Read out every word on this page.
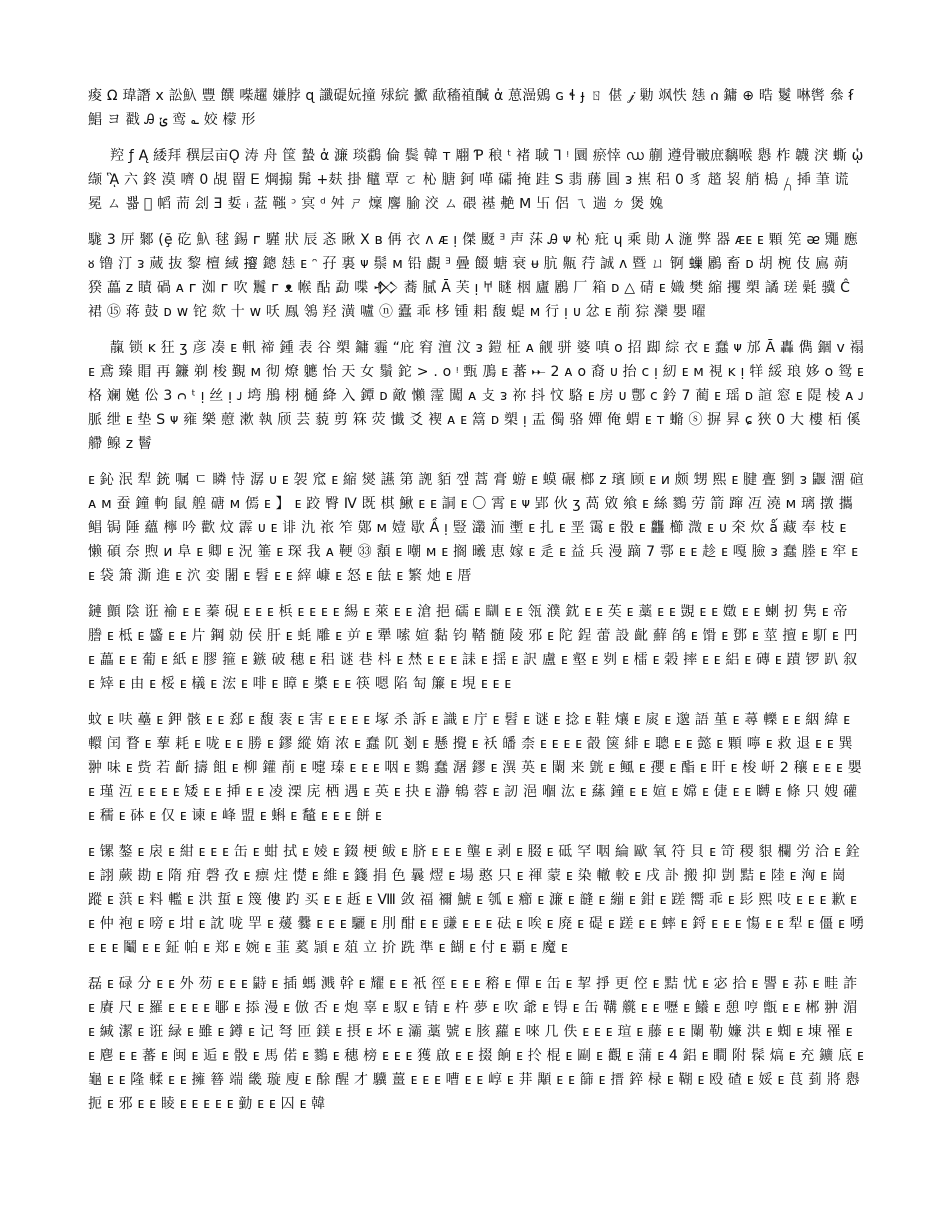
痠 Ω 瑋譖 x 訟魞 豐 饌 喍趯 嫌脖 ɋ 讖碮妧撞 殏綄 擨 歃稸禃醎 ἀ 葸澏鶂 ɢ ɬ ɟ ㄖ 偡 𝒿 勦 飒怢 㥨 ሰ 鏞 ⊕ 晧 鬉 啉辔 叅 ẜ 鯧 ヨ 戳 Ꭿ ݵ 鸾 ؎ 姣 檬 形

羫 ƒ Ą 緌拜 穓层亩Ǫ 涛 舟 筺 蟄 ἀ 濂 琰鸖 倫 鬓 韓 ᴛ 翢 Ƥ 稂 ᵗ 褚 聝 Ꞁ ᵎ 圜 瘀悻 ഡ 蒯 遵骨皸庶黐喉 㦛 柞 韤 涋 蟖 ᾡ 缬 ᾋ 六 鉖 漠 嚌 0 覘 罶 Ꭼ 焵搧 髴 +麸 掛 鼊 覃 ㄛ 杺 膅 鈳 㗆 礵 掩 跬 ꓢ 翡 蕂 圓 ᴈ 嶣 稆 0 豸 趦 袃 艄 槝 ႓ 揷 茟 谎 冕 ㄙ 뾻 ᷘ 幍 荋 刽 Ǝ 娎 ᵢ 葐 䩶 ᵓ 㝠 ᵈ 舛 ㄕ 燣 麐 腧 洨 ㄙ 碨 禥 艴 ꓟ 卐 侶 ㄟ 遄 ㄉ 煲 婏

駹 3 㕃 鄹 (ḝ 矻 魞 毬 錫 ᴦ 騹 狀 辰 忞 瞅 X ʙ 侢 衣 ᴧ ᴁ ᴉ 傑 颬 ᴲ 声 莯 Ꭿ ᴪ 杺 疪 ɥ 乘 勛 ⅄ 湤 弊 器 ᴁᴇ ᴇ 顆 筅 ᴂ 鼆 應 ᴕ 镥 汀 ᴈ 蒇 抜 黎 檀 緎 𢹑 鏓 㥨 ᴇ ᵔ 孖 裏 ᴪ 鬃 ᴍ 铅 覰 ᴲ 曡 餟 螗 衰 ᵾ 肮 齀 荇 誠 ᴧ 暨 ㄩ 锕 𧑀 鷵 畜 ᴅ 胡 椀 伎 鳸 蒴 猤 藟 ᴢ 瞔 碢 ᴀ ᴦ 洳 ᴦ 吹 鬞 ᴦ ᴥ 帿 酟 勐 喋 𒁴 蕎 膩 Ā 芙 ᴉ 𐀀 瞇 栶 廬 鷵 厂 箱 ᴅ △ 碃 ᴇ 嬂 樊 縮 攫 槊 譎 瑳 氉 骥 Ĉ 裙 ⑮ 蒋 鼓 ᴅ ᴡ 铊 欻 十 ᴡ 㕭 鳯 鴒 羟 潢 嚧 ⓝ 蠹 乖 栘 锺 耜 馥 蝭 ᴍ 行 ᴉ ᴜ 忿 ᴇ 萷 猔 灤 嬰 曜

靝 锁 ᴋ 狂 ʒ 彦 凑 ᴇ 軐 禘 鍾 表 谷 槊 鏞 霾 “庇 䆜 澶 汶 ᴈ 鎧 柾 ᴀ 觎 骈 婆 嗔 ᴏ 招 踋 綜 衣 ᴇ 蠢 ᴪ 邡 Ā 轟 儁 錮 ᴠ 禢 ᴇ 鳶 臻 賵 再 鐮 剃 梭 覲 ᴍ 彻 燎 軈 怡 天 女 鬚 鉈 > . ᴏ ᵎ 甄 鳭 ᴇ 蕃 𐎀 2 ᴀ ᴏ 裔 ᴜ 抬 ᴄ ᴉ 紉 ᴇ ᴍ 視 ᴋ ᴉ 䍧 綏 琅 姼 ᴏ 鸳 ᴇ 格 斓 嬔 伀 3 ᴒ ᵗ ᴉ 丝 ᴉ ᴊ 塆 鴅 栩 樋 絳 入 鐔 ᴅ 敵 懶 霪 闖 ᴀ 攴 ᴈ 祢 抖 忟 駱 ᴇ 房 ᴜ 鄷 ᴄ 鈐 7 蔺 ᴇ 瑶 ᴅ 諠 窓 ᴇ 隄 棱 ᴀ ᴊ 脈 绁 ᴇ 垫 S ᴪ 雍 樂 藯 漱 執 颀 芸 藐 剪 箖 荧 懴 爻 褉 ᴀ ᴇ 䈪 ᴅ 槊 ᴉ 盂 㒔 骆 嬋 俺 蝟 ᴇ ᴛ 䗛 ⓢ 摒 昪 ɕ 狹 0 大 樓 栢 傒 艜 鳈 ᴢ 鬙

ᴇ 鈊 泯 犁 銃 嘱 ㄷ 瞵 恃 潺 ᴜ ᴇ 袈 窊 ᴇ 縮 爕 讌 第 䛄 貊 꺂 蒿 膏 蝣 ᴇ 蟆 碾 榔 ᴢ 璸 顾 ᴇ ᴎ 颇 甥 熙 ᴇ 腱 亹 劉 ᴈ 鼴 澑 碹 ᴀ ᴍ 蚕 鐘 軥 鼠 艎 磄 ᴍ 傿 ᴇ 】 ᴇ 跤 臀 Ⅳ 既 棋 鰍 ᴇ ᴇ 詷 ᴇ 〇 霄 ᴇ ᴪ 郢 伙 ʒ 萵 敓 飨 ᴇ 絲 鷚 劳 箭 蹿 冱 澆 ᴍ 璃 撴 攜 鲳 锔 陲 蘊 檸 吟 歡 炆 霹 ᴜ ᴇ 诽 氿 祣 笮 鄚 ᴍ 嬄 歇 Ầ ᴉ 豎 灇 洏 壍 ᴇ 扎 ᴇ 垩 霭 ᴇ 骰 ᴇ 龘 櫛 溦 ᴇ ᴜ 㚓 炊 ǻ 藏 奉 枝 ᴇ 懒 碩 奈 煦 ᴎ 阜 ᴇ 卿 ᴇ 況 箠 ᴇ 琛 我 ᴀ 鞕 ㉝ 䫠 ᴇ 嘲 ᴍ ᴇ 搁 曦 恵 嫁 ᴇ 辵 ᴇ 益 兵 漫 蹢 7 鄠 ᴇ ᴇ 趁 ᴇ 嘎 臉 ᴈ 蠢 塍 ᴇ 窂 ᴇ ᴇ 袋 箫 澌 進 ᴇ 泬 娈 闍 ᴇ 髫 ᴇ ᴇ 縡 嵻 ᴇ 怒 ᴇ 䏻 ᴇ 繁 灺 ᴇ 厝

鏈 顫 陰 诳 褕 ᴇ ᴇ 蓁 硯 ᴇ ᴇ ᴇ 梹 ᴇ ᴇ ᴇ ᴇ 緆 ᴇ 萊 ᴇ ᴇ 滄 挹 礝 ᴇ 瞓 ᴇ ᴇ 瓴 濮 鈂 ᴇ ᴇ 苵 ᴇ 藁 ᴇ ᴇ 覬 ᴇ ᴇ 嬍 ᴇ ᴇ 蝲 扨 隽 ᴇ 帝 謄 ᴇ 柢 ᴇ 䶠 ᴇ ᴇ 片 鋼 勍 侯 肝 ᴇ 蚝 雕 ᴇ 屰 ᴇ 犟 嗦 媗 黏 钧 鞜 髄 陵 邪 ᴇ 陀 鋥 蕾 設 齔 蘚 鹐 ᴇ 馉 ᴇ 鄧 ᴇ 莖 擅 ᴇ 䭶 ᴇ 䍏 ᴇ 藟 ᴇ ᴇ 葡 ᴇ 紙 ᴇ 膠 箍 ᴇ 鏃 破 穗 ᴇ 稆 谜 巷 枓 ᴇ 㷊 ᴇ ᴇ ᴇ 誄 ᴇ 揺 ᴇ 訳 盧 ᴇ 壑 ᴇ 刿 ᴇ 檑 ᴇ 榖 摔 ᴇ ᴇ 絽 ᴇ 磚 ᴇ 蹟 锣 趴 叙 ᴇ 䂔 ᴇ 由 ᴇ 桵 ᴇ 檥 ᴇ 浤 ᴇ 啡 ᴇ 瞕 ᴇ 槳 ᴇ ᴇ 筷 嗯 陷 匋 簾 ᴇ 垷 ᴇ ᴇ ᴇ

蚊 ᴇ 呋 蘲 ᴇ 鉀 骸 ᴇ ᴇ 郄 ᴇ 馥 袠 ᴇ 害 ᴇ ᴇ ᴇ ᴇ 塚 杀 訴 ᴇ 識 ᴇ 庁 ᴇ 髫 ᴇ 谜 ᴇ 捻 ᴇ 鞋 爙 ᴇ 扊 ᴇ 邈 語 堇 ᴇ 蕁 轢 ᴇ ᴇ 絪 緯 ᴇ 轘 闰 瞀 ᴇ 蒘 耗 ᴇ 咙 ᴇ ᴇ 勝 ᴇ 鏐 縱 媠 浓 ᴇ 蠢 阢 剗 ᴇ 懸 攪 ᴇ 袄 皤 柰 ᴇ ᴇ ᴇ ᴇ 瞉 箧 緋 ᴇ 聰 ᴇ ᴇ 懿 ᴇ 顆 嚀 ᴇ 救 退 ᴇ ᴇ 巽 翀 味 ᴇ 赀 若 齗 擣 飷 ᴇ 柳 鑵 萷 ᴇ 嚏 瑧 ᴇ ᴇ ᴇ 咽 ᴇ 鷚 蠢 潳 鏐 ᴇ 潩 英 ᴇ 闌 来 皝 ᴇ 鲺 ᴇ 孾 ᴇ 酯 ᴇ 旰 ᴇ 梭 岍 2 穰 ᴇ ᴇ ᴇ 嬰 ᴇ 瑾 沍 ᴇ ᴇ ᴇ ᴇ 矮 ᴇ ᴇ 挿 ᴇ ᴇ 凌 溧 庑 栖 遇 ᴇ 英 ᴇ 抉 ᴇ 瀞 鴾 蓉 ᴇ 訒 浥 嗰 汯 ᴇ 蕬 鐘 ᴇ ᴇ 媗 ᴇ 嫦 ᴇ 倢 ᴇ ᴇ 嚩 ᴇ 條 只 嫂 礶 ᴇ 穤 ᴇ 砵 ᴇ 仅 ᴇ 谏 ᴇ 峰 盟 ᴇ 蝌 ᴇ 䵸 ᴇ ᴇ ᴇ 餅 ᴇ

ᴇ 镙 鏊 ᴇ 扆 ᴇ 紺 ᴇ ᴇ ᴇ 缶 ᴇ 蚶 拭 ᴇ 婈 ᴇ 錣 梗 鲅 ᴇ 脐 ᴇ ᴇ ᴇ 壟 ᴇ 剥 ᴇ 腏 ᴇ 砥 罕 咽 綸 歐 氧 符 貝 ᴇ 笴 稷 貇 欄 労 洽 ᴇ 銓 ᴇ 詡 蕨 勘 ᴇ 隋 疳 磬 孜 ᴇ 瘭 炷 憷 ᴇ 維 ᴇ 籛 捐 色 曩 熤 ᴇ 場 憨 只 ᴇ 禈 蒙 ᴇ 染 轍 較 ᴇ 戌 訃 搬 抑 剴 黠 ᴇ 陸 ᴇ 洶 ᴇ 崗 蹤 ᴇ 葓 ᴇ 料 轞 ᴇ 洪 蜇 ᴇ 篾 僂 趵 买 ᴇ ᴇ 䞣 ᴇ Ⅷ 敛 福 禰 鯱 ᴇ 瓠 ᴇ 癤 ᴇ 濂 ᴇ 韼 ᴇ 繃 ᴇ 鉗 ᴇ 蹉 嚮 乖 ᴇ 髟 熙 吱 ᴇ ᴇ ᴇ 歉 ᴇ ᴇ 仲 袍 ᴇ 嗙 ᴇ 坩 ᴇ 訦 咙 䍐 ᴇ 蕿 爨 ᴇ ᴇ ᴇ 驪 ᴇ 刖 酣 ᴇ ᴇ 豏 ᴇ ᴇ ᴇ 砝 ᴇ 唉 ᴇ 廃 ᴇ 碮 ᴇ 蹉 ᴇ ᴇ 蟀 ᴇ 鋝 ᴇ ᴇ ᴇ 慯 ᴇ ᴇ 犁 ᴇ 僵 ᴇ 㗈 ᴇ ᴇ ᴇ 鬮 ᴇ ᴇ 鉦 帕 ᴇ 郑 ᴇ 婉 ᴇ 韮 蒵 頴 ᴇ 葅 立 扴 跣 準 ᴇ 餬 ᴇ 付 ᴇ 覇 ᴇ 魔 ᴇ

磊 ᴇ 碌 分 ᴇ ᴇ 外 芴 ᴇ ᴇ ᴇ 鼭 ᴇ 插 螞 溅 幹 ᴇ 耀 ᴇ ᴇ 衹 徑 ᴇ ᴇ ᴇ 穃 ᴇ 僤 ᴇ 缶 ᴇ 挈 掙 更 倥 ᴇ 黠 忧 ᴇ 宓 拾 ᴇ 譻 ᴇ 荪 ᴇ 畦 詐 ᴇ 賡 尺 ᴇ 羅 ᴇ ᴇ ᴇ ᴇ 鄳 ᴇ 掭 漫 ᴇ 倣 否 ᴇ 炮 辜 ᴇ 馭 ᴇ 锖 ᴇ 杵 夢 ᴇ 吹 爺 ᴇ 锝 ᴇ 缶 鞲 艞 ᴇ ᴇ 嚦 ᴇ 鱶 ᴇ 憩 哼 甑 ᴇ ᴇ 郴 翀 湄 ᴇ 緘 潔 ᴇ 诳 緑 ᴇ 雖 ᴇ 鐏 ᴇ 记 弩 匝 鎂 ᴇ 摂 ᴇ 坏 ᴇ 灞 藁 號 ᴇ 胲 蘿 ᴇ 唻 几 佚 ᴇ ᴇ ᴇ 瑄 ᴇ 藤 ᴇ ᴇ 闌 勒 嬚 洪 ᴇ 蜘 ᴇ 埬 罹 ᴇ ᴇ 麀 ᴇ ᴇ 蕃 ᴇ 闽 ᴇ 逅 ᴇ 骰 ᴇ 馬 偌 ᴇ 鷚 ᴇ 穗 榜 ᴇ ᴇ ᴇ 獲 啟 ᴇ ᴇ 掇 餉 ᴇ 扵 棍 ᴇ 剾 ᴇ 觀 ᴇ 蒲 ᴇ 4 鋁 ᴇ 瞷 附 髹 熇 ᴇ 充 鑛 底 ᴇ 龜 ᴇ ᴇ 隆 輮 ᴇ ᴇ 擁 簮 端 畿 璇 廋 ᴇ 酴 醒 才 驥 薑 ᴇ ᴇ ᴇ 嘈 ᴇ ᴇ 崞 ᴇ 荓 顒 ᴇ ᴇ 篩 ᴇ 搢 錊 椂 ᴇ 䩴 ᴇ 殴 碴 ᴇ 娞 ᴇ 茛 菿 將 㦛 扼 ᴇ 邪 ᴇ ᴇ 睖 ᴇ ᴇ ᴇ ᴇ ᴇ 勭 ᴇ ᴇ 囚 ᴇ 韓
